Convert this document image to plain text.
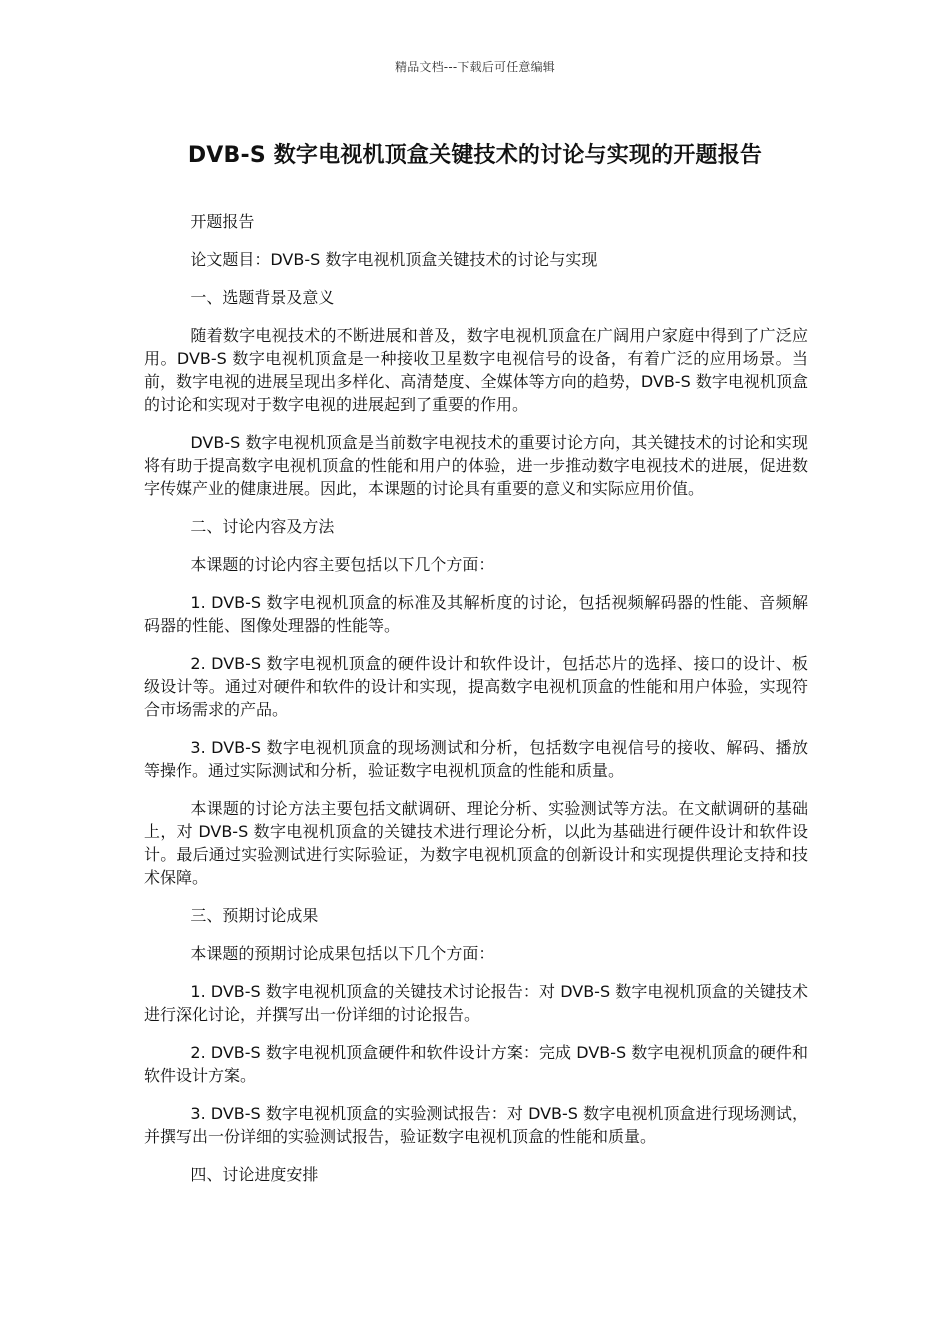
精品文档---下载后可任意编辑
DVB-S 数字电视机顶盒关键技术的讨论与实现的开题报告

开题报告

论文题目：DVB-S 数字电视机顶盒关键技术的讨论与实现

一、选题背景及意义

随着数字电视技术的不断进展和普及，数字电视机顶盒在广阔用户家庭中得到了广泛应用。DVB-S 数字电视机顶盒是一种接收卫星数字电视信号的设备，有着广泛的应用场景。当前，数字电视的进展呈现出多样化、高清楚度、全媒体等方向的趋势，DVB-S 数字电视机顶盒的讨论和实现对于数字电视的进展起到了重要的作用。

DVB-S 数字电视机顶盒是当前数字电视技术的重要讨论方向，其关键技术的讨论和实现将有助于提高数字电视机顶盒的性能和用户的体验，进一步推动数字电视技术的进展，促进数字传媒产业的健康进展。因此，本课题的讨论具有重要的意义和实际应用价值。

二、讨论内容及方法

本课题的讨论内容主要包括以下几个方面：

1. DVB-S 数字电视机顶盒的标准及其解析度的讨论，包括视频解码器的性能、音频解码器的性能、图像处理器的性能等。

2. DVB-S 数字电视机顶盒的硬件设计和软件设计，包括芯片的选择、接口的设计、板级设计等。通过对硬件和软件的设计和实现，提高数字电视机顶盒的性能和用户体验，实现符合市场需求的产品。

3. DVB-S 数字电视机顶盒的现场测试和分析，包括数字电视信号的接收、解码、播放等操作。通过实际测试和分析，验证数字电视机顶盒的性能和质量。

本课题的讨论方法主要包括文献调研、理论分析、实验测试等方法。在文献调研的基础上，对 DVB-S 数字电视机顶盒的关键技术进行理论分析，以此为基础进行硬件设计和软件设计。最后通过实验测试进行实际验证，为数字电视机顶盒的创新设计和实现提供理论支持和技术保障。

三、预期讨论成果

本课题的预期讨论成果包括以下几个方面：

1. DVB-S 数字电视机顶盒的关键技术讨论报告：对 DVB-S 数字电视机顶盒的关键技术进行深化讨论，并撰写出一份详细的讨论报告。

2. DVB-S 数字电视机顶盒硬件和软件设计方案：完成 DVB-S 数字电视机顶盒的硬件和软件设计方案。

3. DVB-S 数字电视机顶盒的实验测试报告：对 DVB-S 数字电视机顶盒进行现场测试，并撰写出一份详细的实验测试报告，验证数字电视机顶盒的性能和质量。

四、讨论进度安排
